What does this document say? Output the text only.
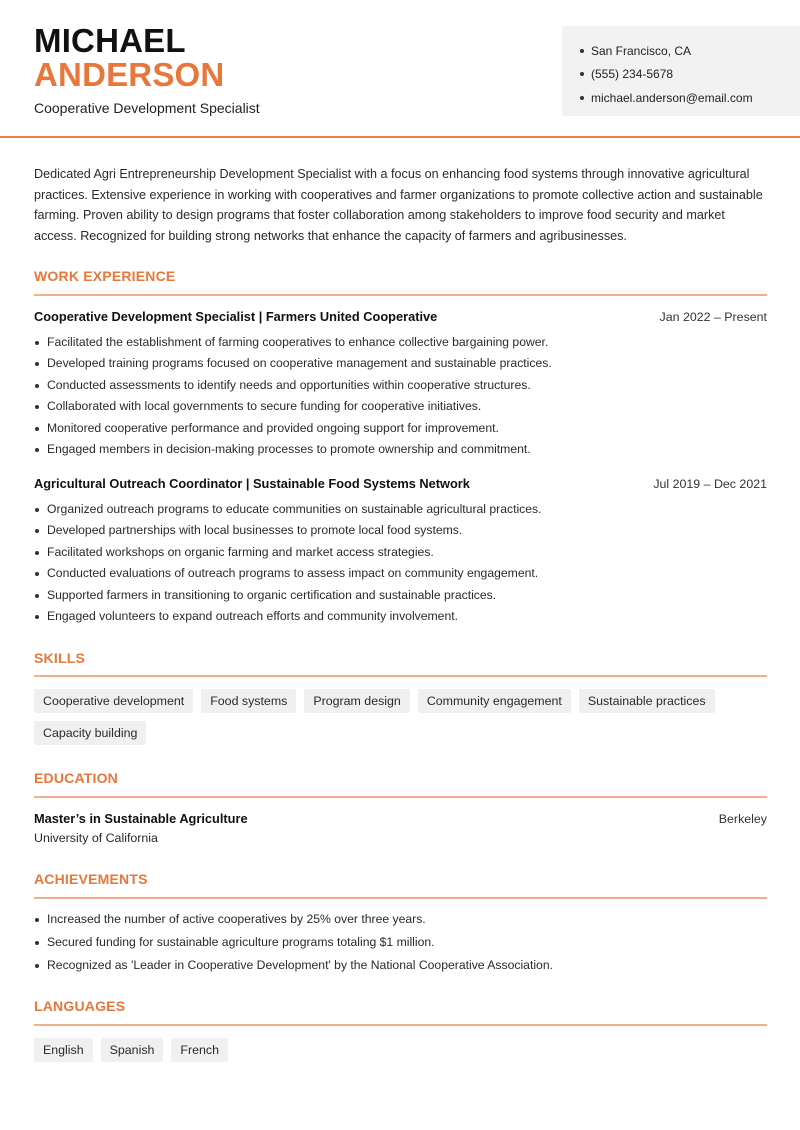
MICHAEL
ANDERSON
Cooperative Development Specialist
San Francisco, CA
(555) 234-5678
michael.anderson@email.com

Dedicated Agri Entrepreneurship Development Specialist with a focus on enhancing food systems through innovative agricultural practices. Extensive experience in working with cooperatives and farmer organizations to promote collective action and sustainable farming. Proven ability to design programs that foster collaboration among stakeholders to improve food security and market access. Recognized for building strong networks that enhance the capacity of farmers and agribusinesses.

WORK EXPERIENCE
Cooperative Development Specialist | Farmers United Cooperative	Jan 2022 – Present
Facilitated the establishment of farming cooperatives to enhance collective bargaining power.
Developed training programs focused on cooperative management and sustainable practices.
Conducted assessments to identify needs and opportunities within cooperative structures.
Collaborated with local governments to secure funding for cooperative initiatives.
Monitored cooperative performance and provided ongoing support for improvement.
Engaged members in decision-making processes to promote ownership and commitment.
Agricultural Outreach Coordinator | Sustainable Food Systems Network	Jul 2019 – Dec 2021
Organized outreach programs to educate communities on sustainable agricultural practices.
Developed partnerships with local businesses to promote local food systems.
Facilitated workshops on organic farming and market access strategies.
Conducted evaluations of outreach programs to assess impact on community engagement.
Supported farmers in transitioning to organic certification and sustainable practices.
Engaged volunteers to expand outreach efforts and community involvement.
SKILLS
Cooperative development	Food systems	Program design	Community engagement	Sustainable practices
Capacity building
EDUCATION
Master’s in Sustainable Agriculture	Berkeley
University of California
ACHIEVEMENTS
Increased the number of active cooperatives by 25% over three years.
Secured funding for sustainable agriculture programs totaling $1 million.
Recognized as 'Leader in Cooperative Development' by the National Cooperative Association.
LANGUAGES
English	Spanish	French
